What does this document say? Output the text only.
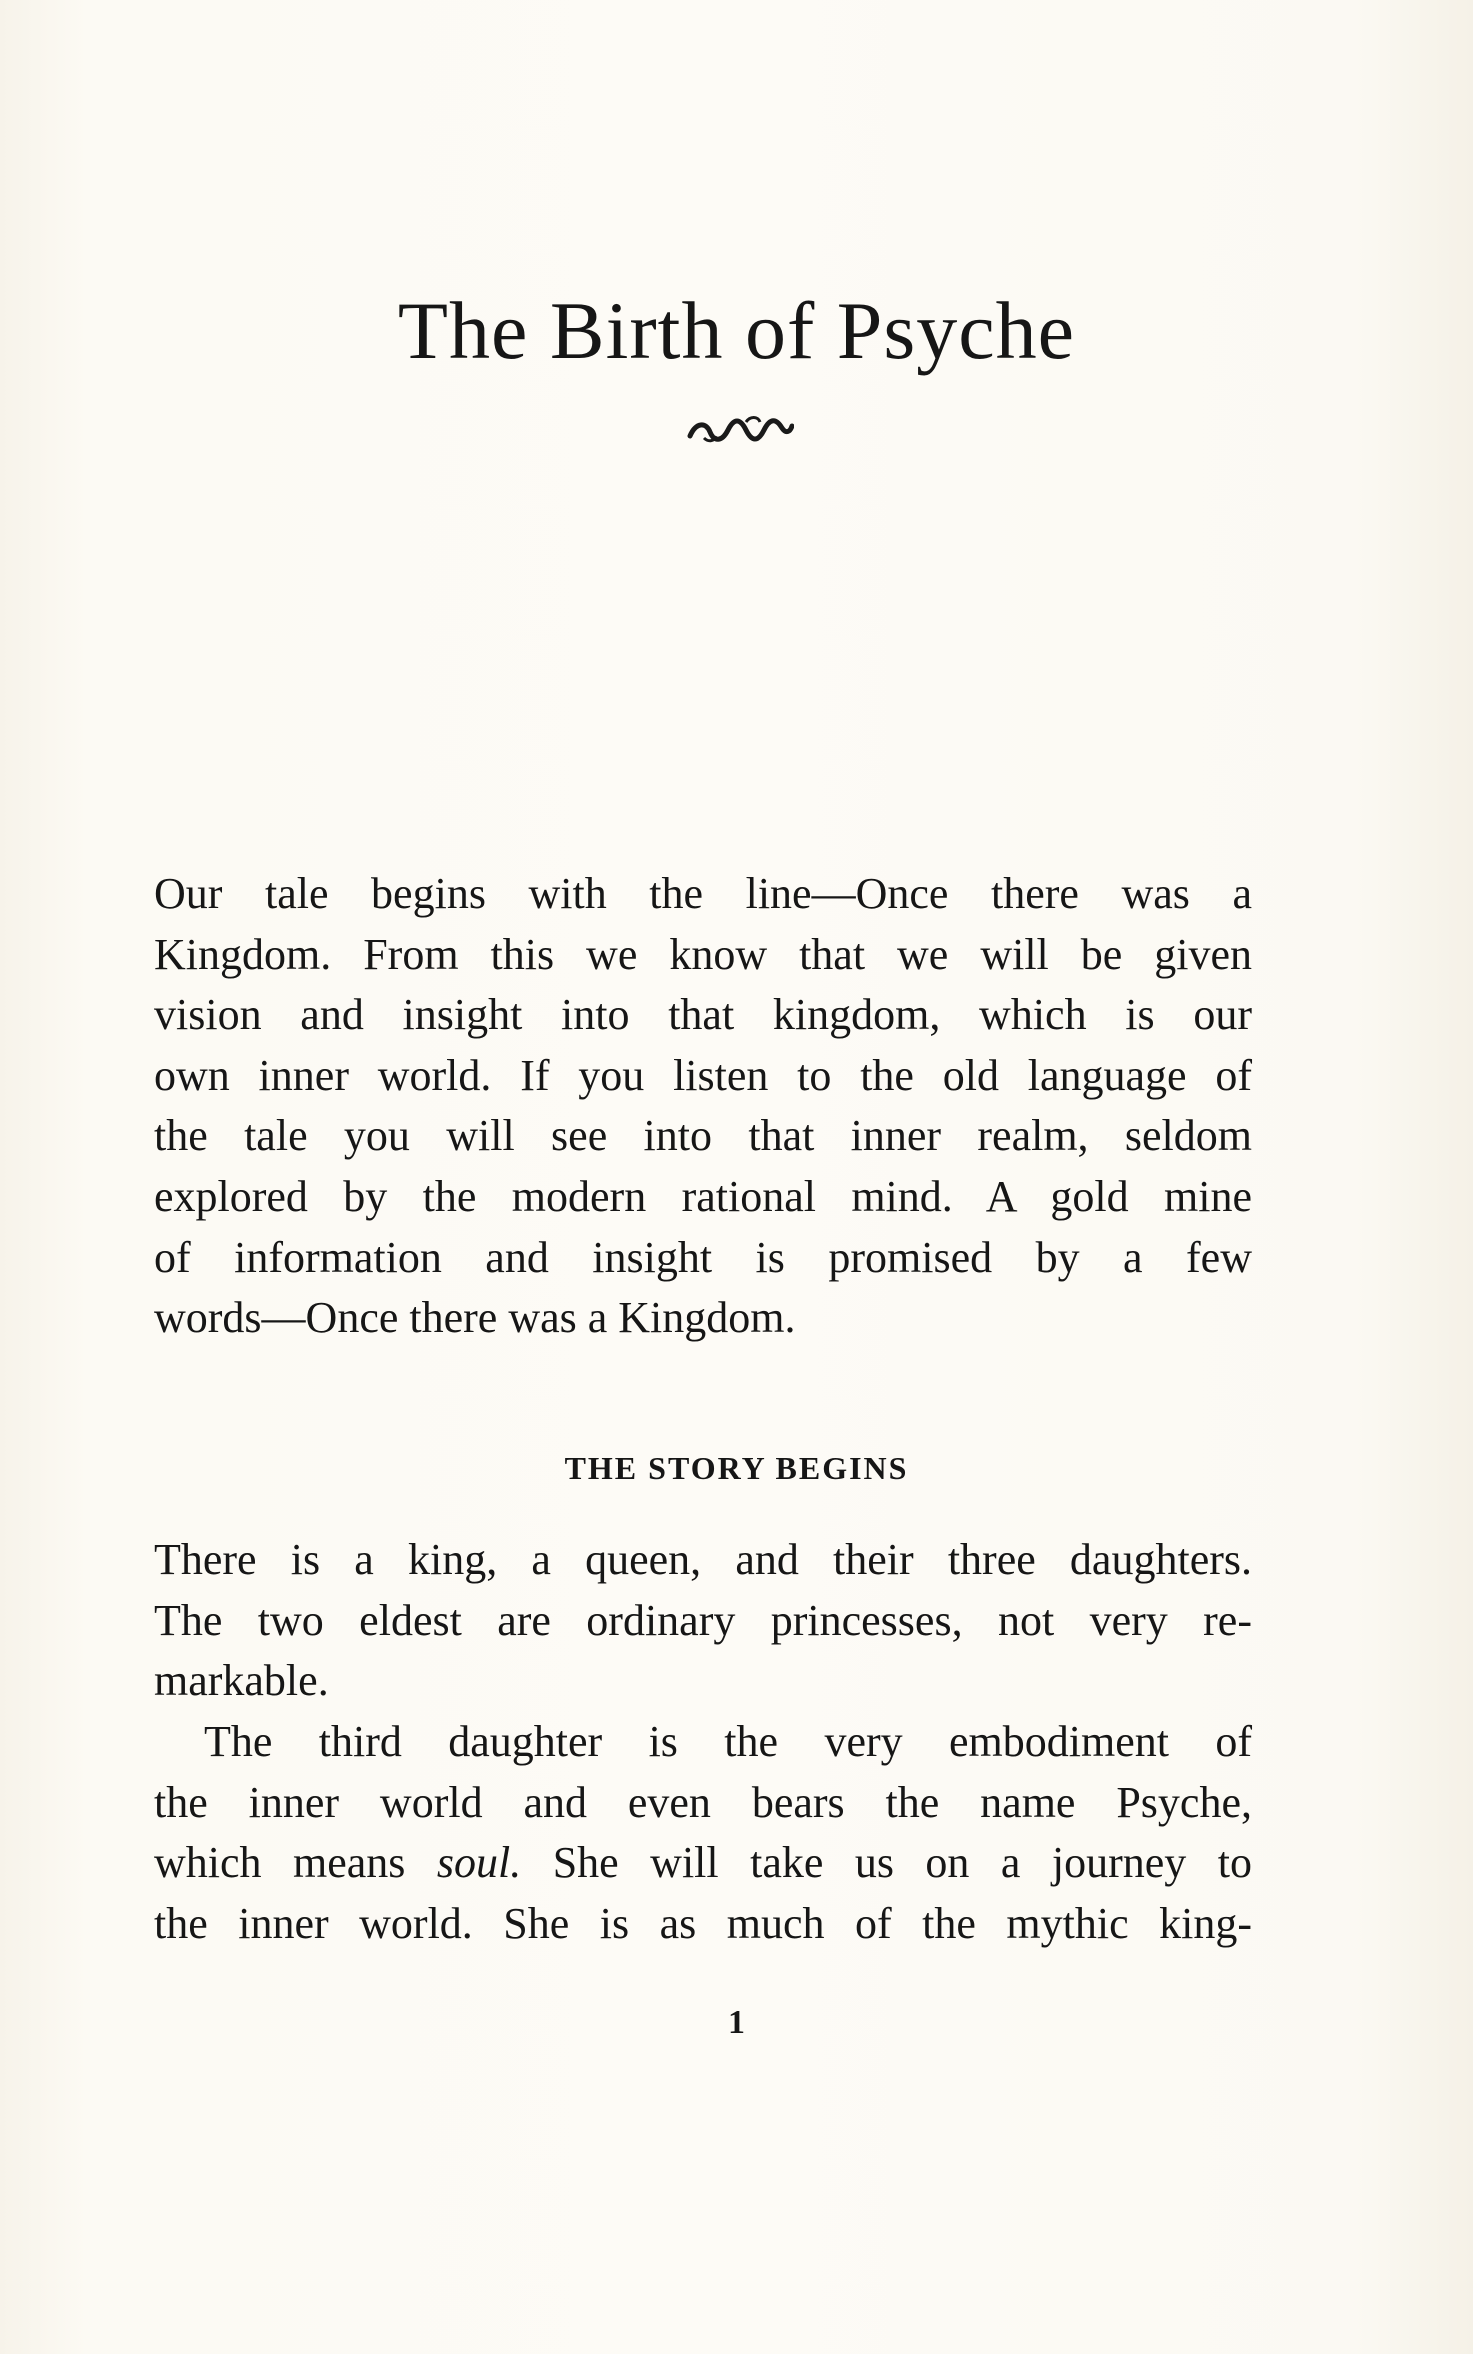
The Birth of Psyche
Our tale begins with the line—Once there was a
Kingdom. From this we know that we will be given
vision and insight into that kingdom, which is our
own inner world. If you listen to the old language of
the tale you will see into that inner realm, seldom
explored by the modern rational mind. A gold mine
of information and insight is promised by a few
words—Once there was a Kingdom.
THE STORY BEGINS
There is a king, a queen, and their three daughters.
The two eldest are ordinary princesses, not very re-
markable.
The third daughter is the very embodiment of
the inner world and even bears the name Psyche,
which means soul. She will take us on a journey to
the inner world. She is as much of the mythic king-
1
